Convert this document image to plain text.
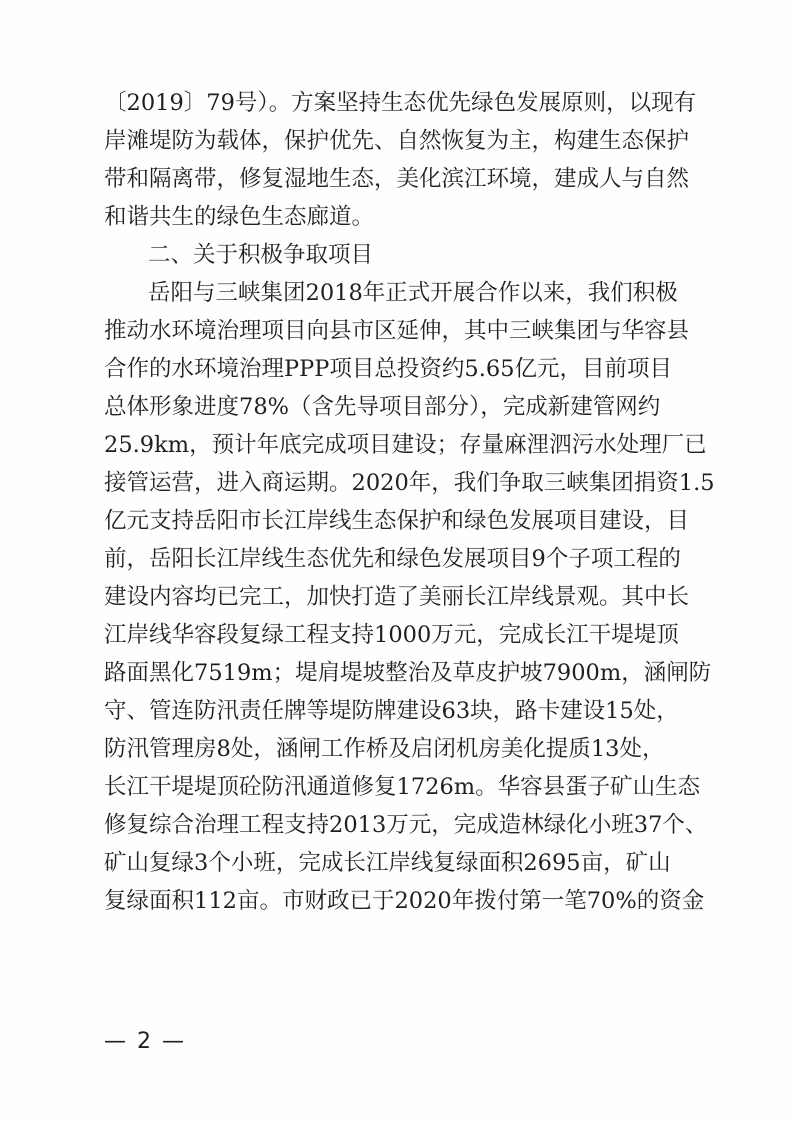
〔2019〕79号）。方案坚持生态优先绿色发展原则，以现有
岸滩堤防为载体，保护优先、自然恢复为主，构建生态保护
带和隔离带，修复湿地生态，美化滨江环境，建成人与自然
和谐共生的绿色生态廊道。
二、关于积极争取项目
岳阳与三峡集团2018年正式开展合作以来，我们积极
推动水环境治理项目向县市区延伸，其中三峡集团与华容县
合作的水环境治理PPP项目总投资约5.65亿元，目前项目
总体形象进度78%（含先导项目部分），完成新建管网约
25.9km，预计年底完成项目建设；存量麻浬泗污水处理厂已
接管运营，进入商运期。2020年，我们争取三峡集团捐资1.5
亿元支持岳阳市长江岸线生态保护和绿色发展项目建设，目
前，岳阳长江岸线生态优先和绿色发展项目9个子项工程的
建设内容均已完工，加快打造了美丽长江岸线景观。其中长
江岸线华容段复绿工程支持1000万元，完成长江干堤堤顶
路面黑化7519m；堤肩堤坡整治及草皮护坡7900m，涵闸防
守、管连防汛责任牌等堤防牌建设63块，路卡建设15处，
防汛管理房8处，涵闸工作桥及启闭机房美化提质13处，
长江干堤堤顶砼防汛通道修复1726m。华容县蛋子矿山生态
修复综合治理工程支持2013万元，完成造林绿化小班37个、
矿山复绿3个小班，完成长江岸线复绿面积2695亩，矿山
复绿面积112亩。市财政已于2020年拨付第一笔70%的资金
— 2 —
